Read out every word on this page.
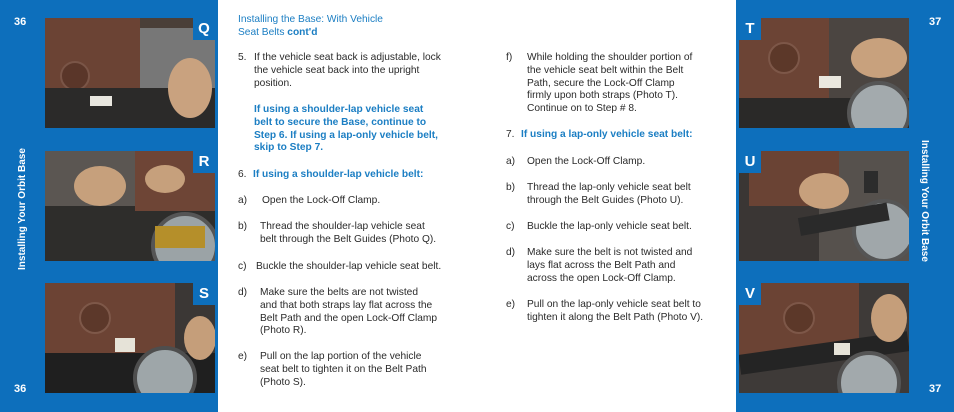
36
36
Installing Your Orbit Base
37
37
Installing Your Orbit Base
Q
R
S
T
U
V

Installing the Base: With Vehicle

Seat Belts cont'd

5. If the vehicle seat back is adjustable, lock

the vehicle seat back into the upright

position.

If using a shoulder-lap vehicle seat

belt to secure the Base, continue to

Step 6. If using a lap-only vehicle belt,

skip to Step 7.

6. If using a shoulder-lap vehicle belt:
a) Open the Lock-Off Clamp.

b) Thread the shoulder-lap vehicle seat

belt through the Belt Guides (Photo Q).

c) Buckle the shoulder-lap vehicle seat belt.

d) Make sure the belts are not twisted

and that both straps lay flat across the

Belt Path and the open Lock-Off Clamp

(Photo R).

e) Pull on the lap portion of the vehicle

seat belt to tighten it on the Belt Path

(Photo S).

f) While holding the shoulder portion of

the vehicle seat belt within the Belt

Path, secure the Lock-Off Clamp

firmly upon both straps (Photo T).

Continue on to Step # 8.

7. If using a lap-only vehicle seat belt:
a) Open the Lock-Off Clamp.

b) Thread the lap-only vehicle seat belt

through the Belt Guides (Photo U).

c) Buckle the lap-only vehicle seat belt.

d) Make sure the belt is not twisted and

lays flat across the Belt Path and

across the open Lock-Off Clamp.

e) Pull on the lap-only vehicle seat belt to

tighten it along the Belt Path (Photo V).
